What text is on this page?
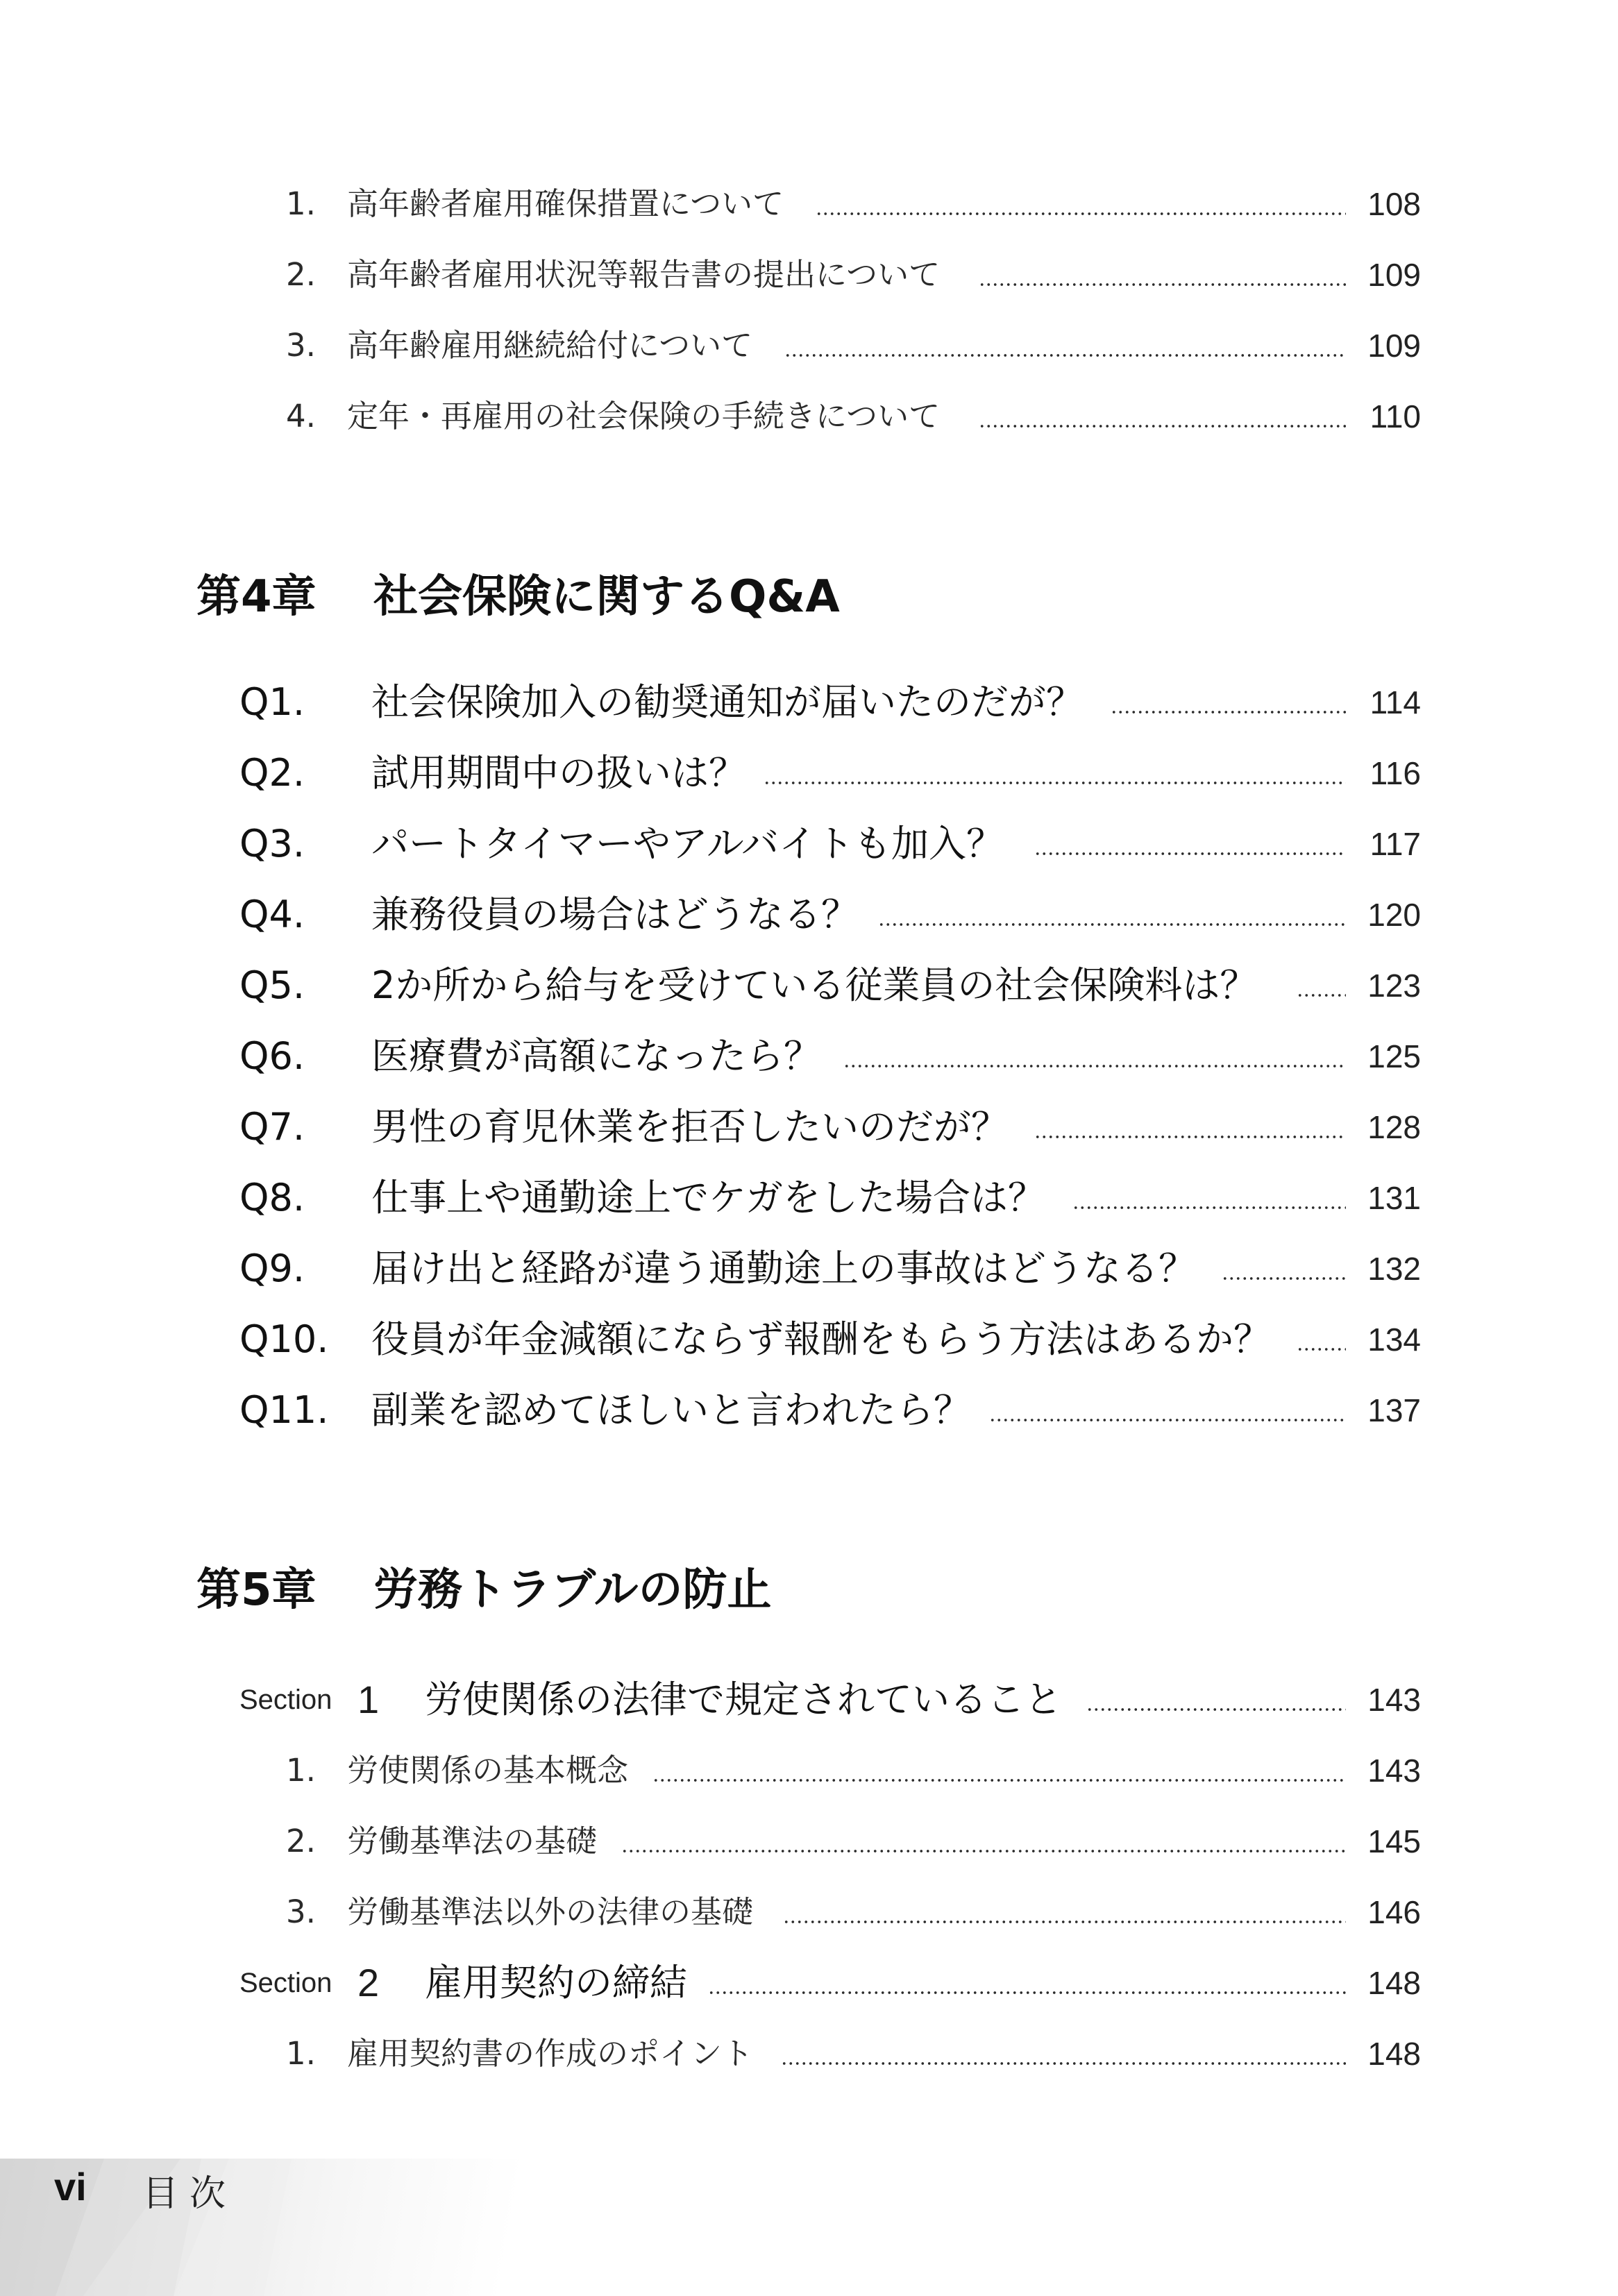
1. 高年齢者雇用確保措置について	108
2. 高年齢者雇用状況等報告書の提出について	109
3. 高年齢雇用継続給付について	109
4. 定年・再雇用の社会保険の手続きについて	110
第4章 社会保険に関するQ&A
Q1. 社会保険加入の勧奨通知が届いたのだが？	114
Q2. 試用期間中の扱いは？	116
Q3. パートタイマーやアルバイトも加入？	117
Q4. 兼務役員の場合はどうなる？	120
Q5. 2か所から給与を受けている従業員の社会保険料は？	123
Q6. 医療費が高額になったら？	125
Q7. 男性の育児休業を拒否したいのだが？	128
Q8. 仕事上や通勤途上でケガをした場合は？	131
Q9. 届け出と経路が違う通勤途上の事故はどうなる？	132
Q10. 役員が年金減額にならず報酬をもらう方法はあるか？	134
Q11. 副業を認めてほしいと言われたら？	137
第5章 労務トラブルの防止
Section 1 労使関係の法律で規定されていること	143
1. 労使関係の基本概念	143
2. 労働基準法の基礎	145
3. 労働基準法以外の法律の基礎	146
Section 2 雇用契約の締結	148
1. 雇用契約書の作成のポイント	148
vi 目次
